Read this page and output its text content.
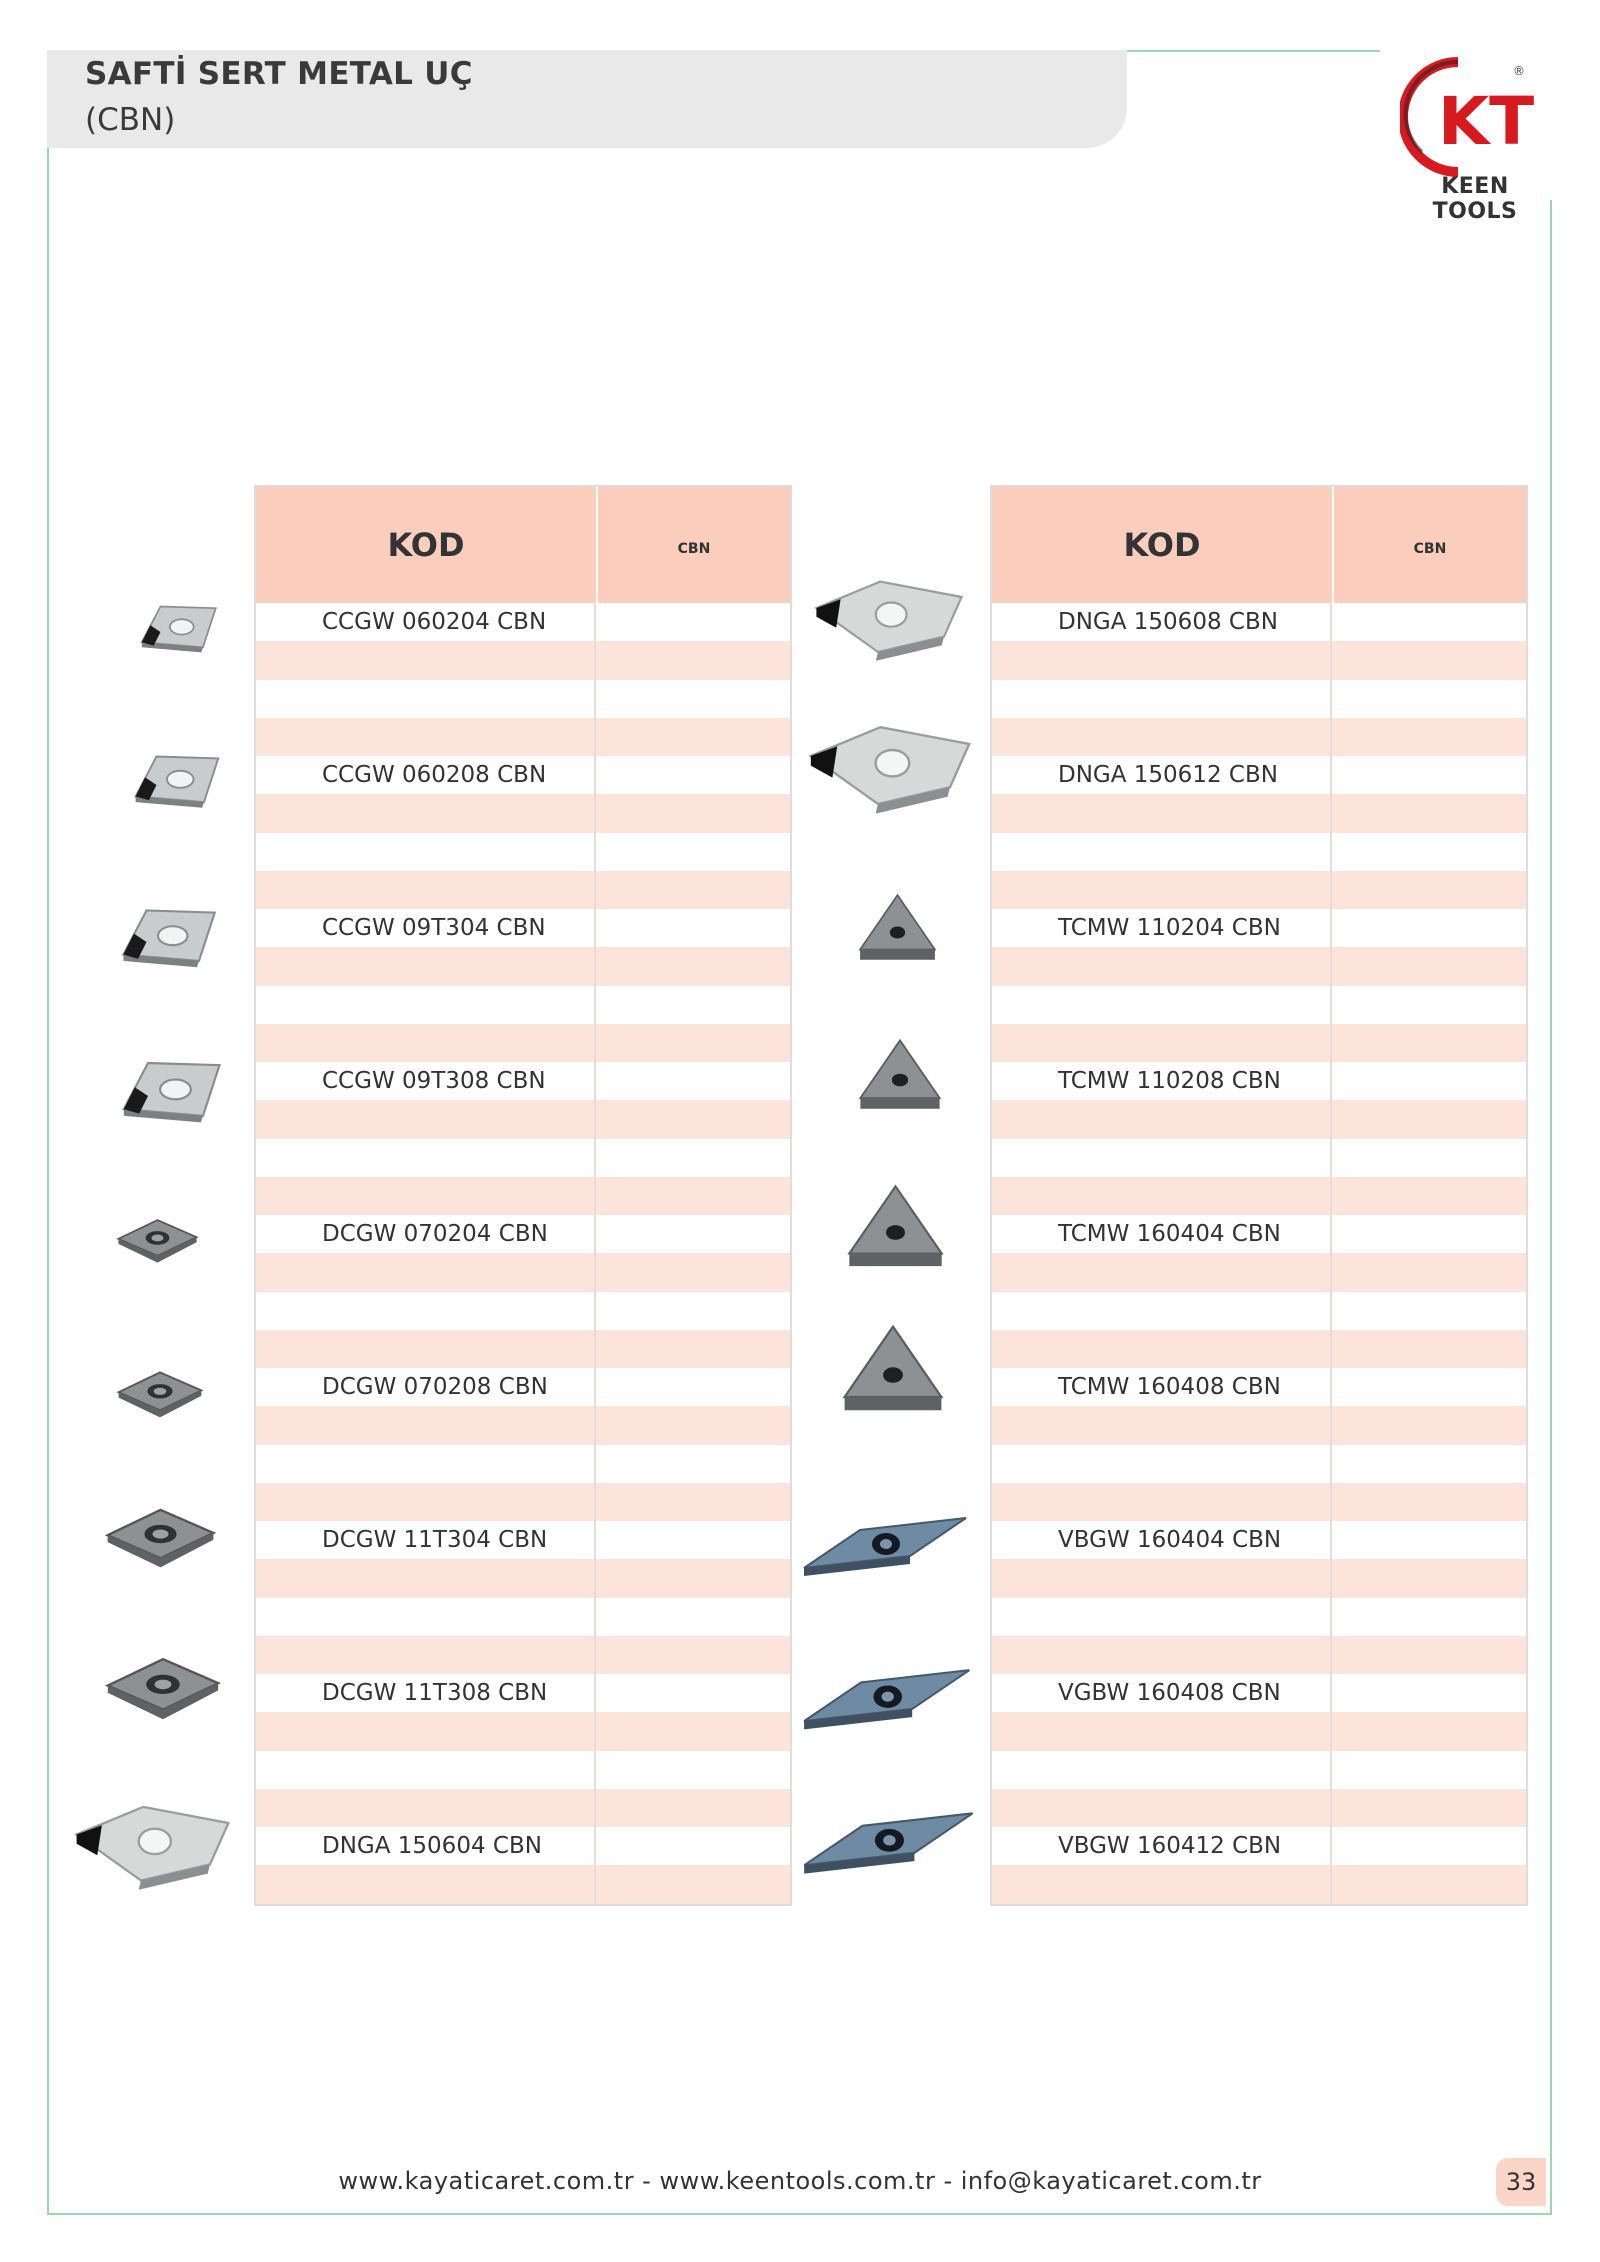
SAFTİ SERT METAL UÇ
(CBN)	KT
®
KEEN TOOLS
KOD	CBN
CCGW 060204 CBN
CCGW 060208 CBN
CCGW 09T304 CBN
CCGW 09T308 CBN
DCGW 070204 CBN
DCGW 070208 CBN
DCGW 11T304 CBN
DCGW 11T308 CBN
DNGA 150604 CBN
KOD	CBN
DNGA 150608 CBN
DNGA 150612 CBN
TCMW 110204 CBN
TCMW 110208 CBN
TCMW 160404 CBN
TCMW 160408 CBN
VBGW 160404 CBN
VGBW 160408 CBN
VBGW 160412 CBN
www.kayaticaret.com.tr - www.keentools.com.tr - info@kayaticaret.com.tr	33
